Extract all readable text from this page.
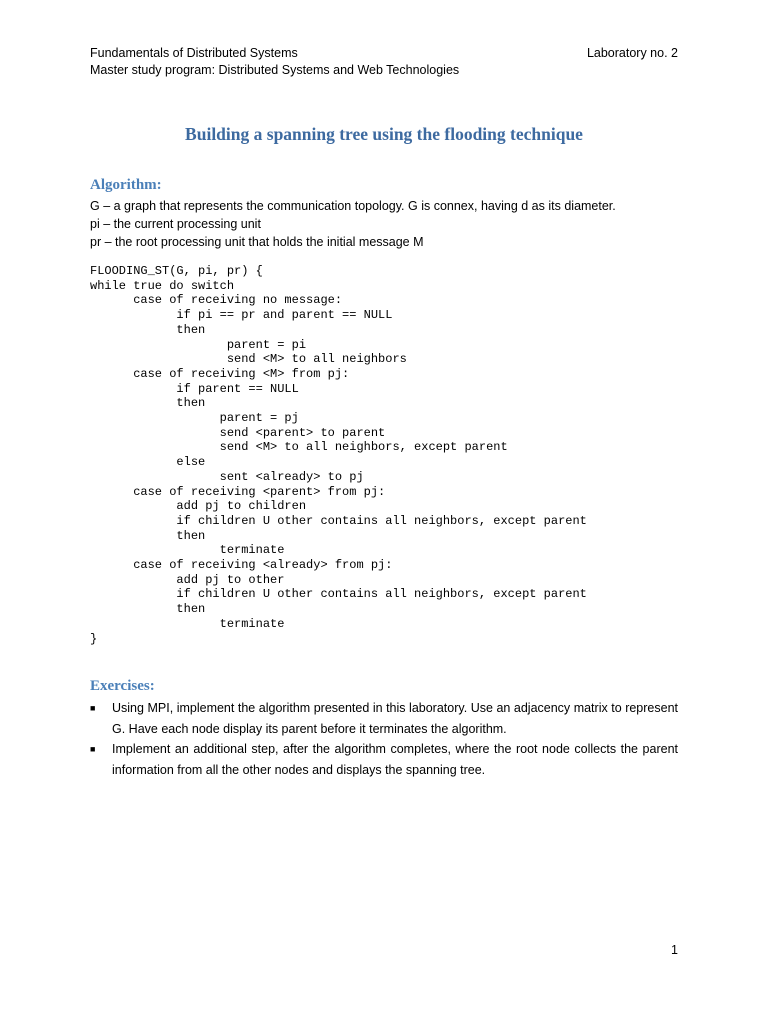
Fundamentals of Distributed Systems
Master study program: Distributed Systems and Web Technologies
Laboratory no. 2
Building a spanning tree using the flooding technique
Algorithm:
G – a graph that represents the communication topology. G is connex, having d as its diameter.
pi – the current processing unit
pr – the root processing unit that holds the initial message M
FLOODING_ST(G, pi, pr) {
while true do switch
case of receiving no message:
if pi == pr and parent == NULL
then
parent = pi
send <M> to all neighbors
case of receiving <M> from pj:
if parent == NULL
then
parent = pj
send <parent> to parent
send <M> to all neighbors, except parent
else
sent <already> to pj
case of receiving <parent> from pj:
add pj to children
if children U other contains all neighbors, except parent
then
terminate
case of receiving <already> from pj:
add pj to other
if children U other contains all neighbors, except parent
then
terminate
}
Exercises:
■ Using MPI, implement the algorithm presented in this laboratory. Use an adjacency matrix to represent G. Have each node display its parent before it terminates the algorithm.
■ Implement an additional step, after the algorithm completes, where the root node collects the parent information from all the other nodes and displays the spanning tree.
1
